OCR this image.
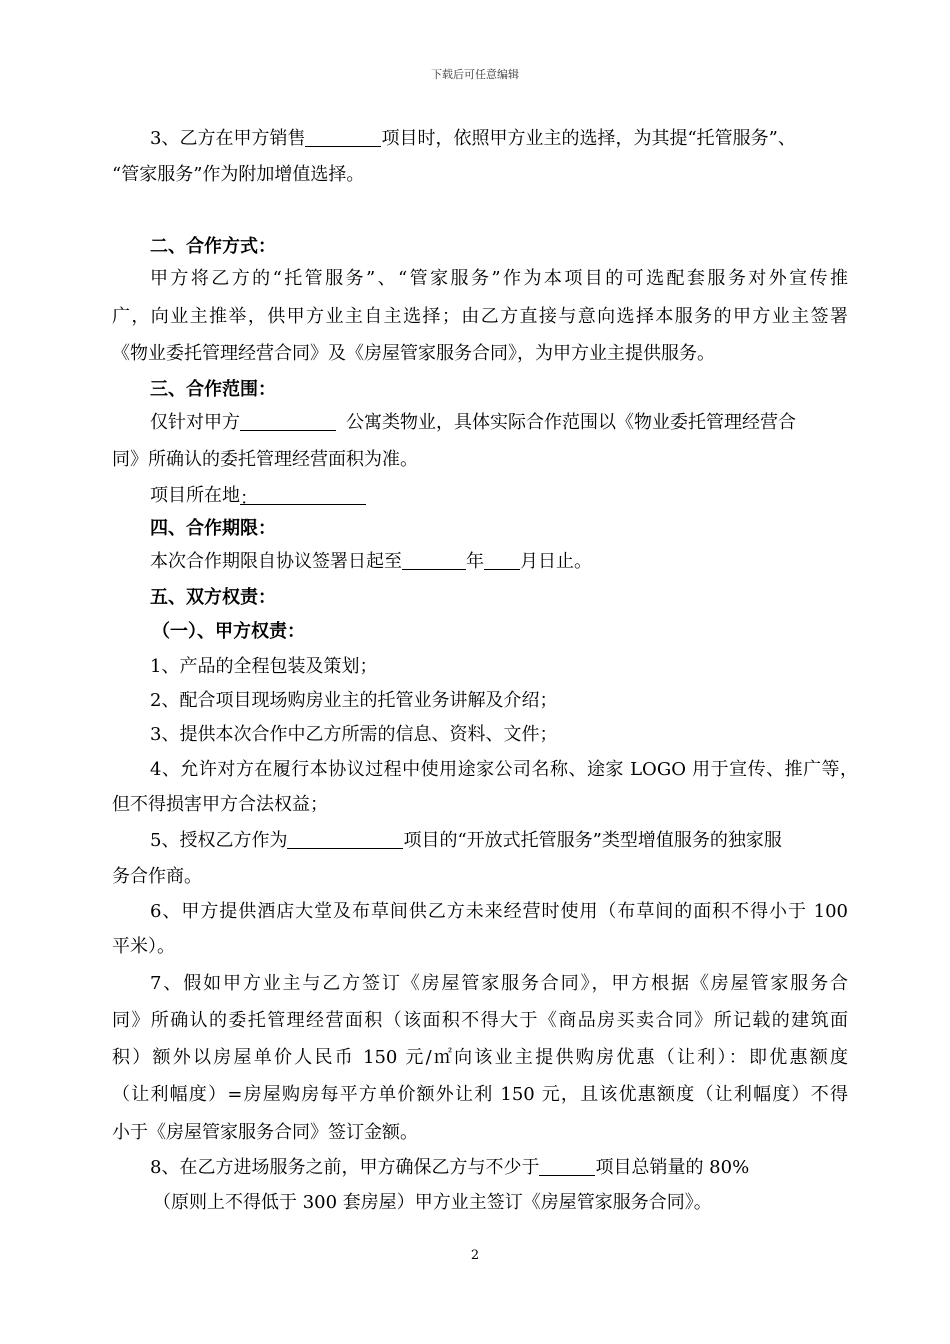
下载后可任意编辑
3、乙方在甲方销售	项目时，依照甲方业主的选择，为其提“托管服务”、
“管家服务”作为附加增值选择。
二、合作方式：
甲方将乙方的“托管服务”、“管家服务”作为本项目的可选配套服务对外宣传推
广，向业主推举，供甲方业主自主选择；由乙方直接与意向选择本服务的甲方业主签署
《物业委托管理经营合同》及《房屋管家服务合同》，为甲方业主提供服务。
三、合作范围：
仅针对甲方	公寓类物业，具体实际合作范围以《物业委托管理经营合
同》所确认的委托管理经营面积为准。
项目所在地：
四、合作期限：
本次合作期限自协议签署日起至	年 月日止。
五、双方权责：
（一）、甲方权责：
1、产品的全程包装及策划；
2、配合项目现场购房业主的托管业务讲解及介绍；
3、提供本次合作中乙方所需的信息、资料、文件；
4、允许对方在履行本协议过程中使用途家公司名称、途家 LOGO 用于宣传、推广等，
但不得损害甲方合法权益；
5、授权乙方作为	项目的“开放式托管服务”类型增值服务的独家服
务合作商。
6、甲方提供酒店大堂及布草间供乙方未来经营时使用（布草间的面积不得小于 100
平米）。
7、假如甲方业主与乙方签订《房屋管家服务合同》，甲方根据《房屋管家服务合
同》所确认的委托管理经营面积（该面积不得大于《商品房买卖合同》所记载的建筑面
积）额外以房屋单价人民币 150 元/㎡向该业主提供购房优惠（让利）：即优惠额度
（让利幅度）=房屋购房每平方单价额外让利 150 元，且该优惠额度（让利幅度）不得
小于《房屋管家服务合同》签订金额。
8、在乙方进场服务之前，甲方确保乙方与不少于	项目总销量的 80%
（原则上不得低于 300 套房屋）甲方业主签订《房屋管家服务合同》。
2
